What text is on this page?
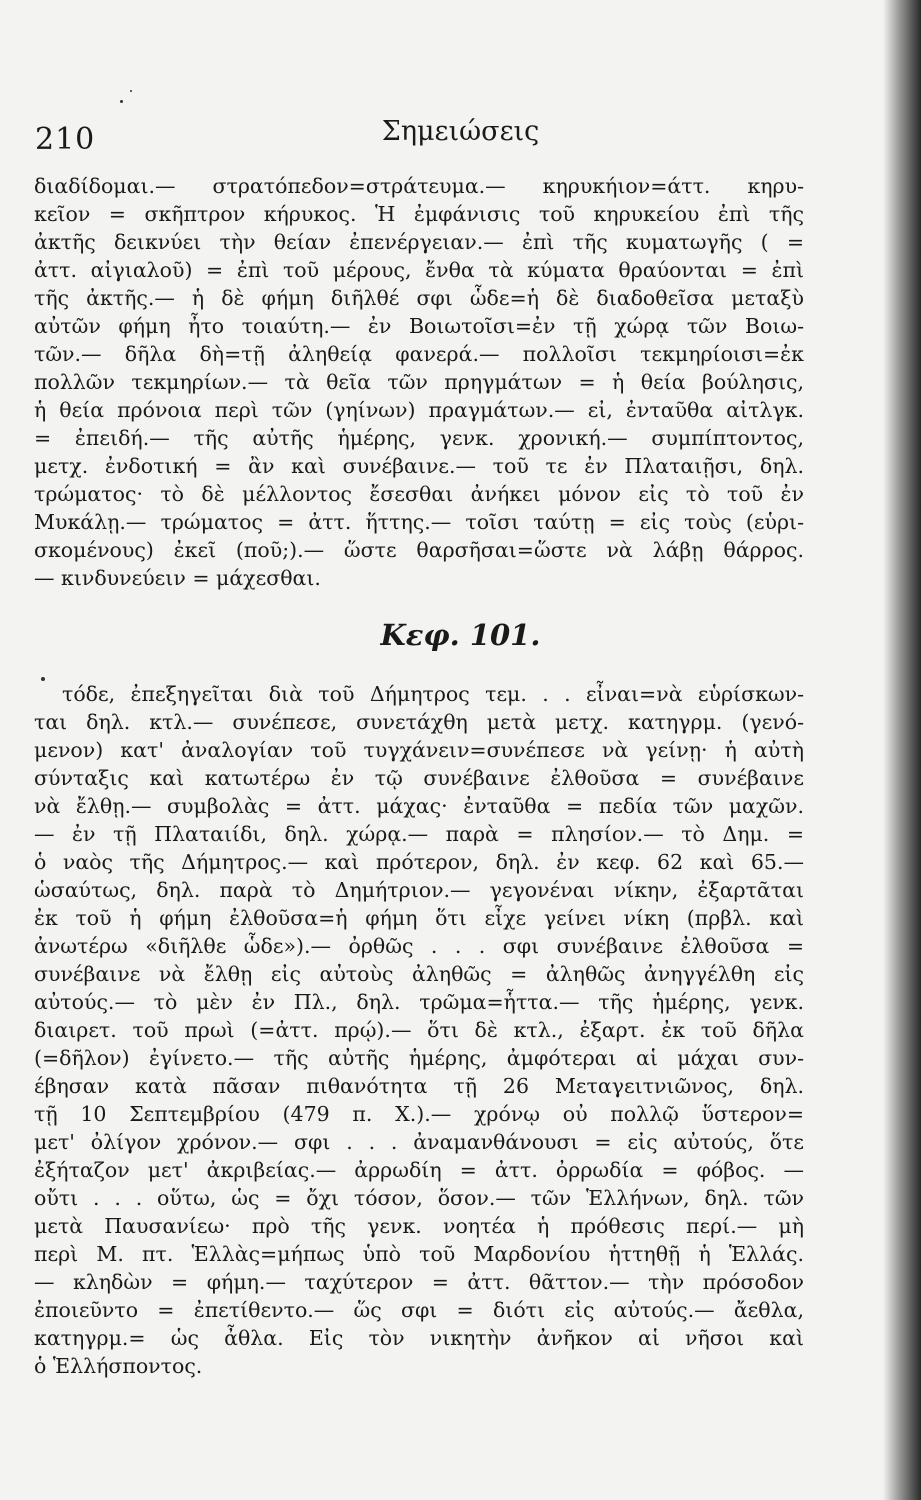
210	Σημειώσεις
διαδίδομαι.— στρατόπεδον=στράτευμα.— κηρυκήιον=άττ. κηρυ-
κεῖον = σκῆπτρον κήρυκος. Ἡ ἐμφάνισις τοῦ κηρυκείου ἐπὶ τῆς
ἀκτῆς δεικνύει τὴν θείαν ἐπενέργειαν.— ἐπὶ τῆς κυματωγῆς ( =
ἀττ. αἰγιαλοῦ) = ἐπὶ τοῦ μέρους, ἔνθα τὰ κύματα θραύονται = ἐπὶ
τῆς ἀκτῆς.— ἡ δὲ φήμη διῆλθέ σφι ὧδε=ἡ δὲ διαδοθεῖσα μεταξὺ
αὐτῶν φήμη ἦτο τοιαύτη.— ἐν Βοιωτοῖσι=ἐν τῇ χώρᾳ τῶν Βοιω-
τῶν.— δῆλα δὴ=τῇ ἀληθείᾳ φανερά.— πολλοῖσι τεκμηρίοισι=ἐκ
πολλῶν τεκμηρίων.— τὰ θεῖα τῶν πρηγμάτων = ἡ θεία βούλησις,
ἡ θεία πρόνοια περὶ τῶν (γηίνων) πραγμάτων.— εἰ, ἐνταῦθα αἰτλγκ.
= ἐπειδή.— τῆς αὐτῆς ἡμέρης, γενκ. χρονική.— συμπίπτοντος,
μετχ. ἐνδοτική = ἂν καὶ συνέβαινε.— τοῦ τε ἐν Πλαταιῇσι, δηλ.
τρώματος· τὸ δὲ μέλλοντος ἔσεσθαι ἀνήκει μόνον εἰς τὸ τοῦ ἐν
Μυκάλῃ.— τρώματος = ἀττ. ἥττης.— τοῖσι ταύτῃ = εἰς τοὺς (εὑρι-
σκομένους) ἐκεῖ (ποῦ;).— ὥστε θαρσῆσαι=ὥστε νὰ λάβῃ θάρρος.
— κινδυνεύειν = μάχεσθαι.
Κεφ. 101.
τόδε, ἐπεξηγεῖται διὰ τοῦ Δήμητρος τεμ. . . εἶναι=νὰ εὑρίσκων-
ται δηλ. κτλ.— συνέπεσε, συνετάχθη μετὰ μετχ. κατηγρμ. (γενό-
μενον) κατ' ἀναλογίαν τοῦ τυγχάνειν=συνέπεσε νὰ γείνῃ· ἡ αὐτὴ
σύνταξις καὶ κατωτέρω ἐν τῷ συνέβαινε ἐλθοῦσα = συνέβαινε
νὰ ἔλθῃ.— συμβολὰς = ἀττ. μάχας· ἐνταῦθα = πεδία τῶν μαχῶν.
— ἐν τῇ Πλαταιίδι, δηλ. χώρᾳ.— παρὰ = πλησίον.— τὸ Δημ. =
ὁ ναὸς τῆς Δήμητρος.— καὶ πρότερον, δηλ. ἐν κεφ. 62 καὶ 65.—
ὡσαύτως, δηλ. παρὰ τὸ Δημήτριον.— γεγονέναι νίκην, ἐξαρτᾶται
ἐκ τοῦ ἡ φήμη ἐλθοῦσα=ἡ φήμη ὅτι εἶχε γείνει νίκη (πρβλ. καὶ
ἀνωτέρω «διῆλθε ὧδε»).— ὀρθῶς . . . σφι συνέβαινε ἐλθοῦσα =
συνέβαινε νὰ ἔλθῃ εἰς αὐτοὺς ἀληθῶς = ἀληθῶς ἀνηγγέλθη εἰς
αὐτούς.— τὸ μὲν ἐν Πλ., δηλ. τρῶμα=ἧττα.— τῆς ἡμέρης, γενκ.
διαιρετ. τοῦ πρωὶ (=ἀττ. πρῴ).— ὅτι δὲ κτλ., ἐξαρτ. ἐκ τοῦ δῆλα
(=δῆλον) ἐγίνετο.— τῆς αὐτῆς ἡμέρης, ἀμφότεραι αἱ μάχαι συν-
έβησαν κατὰ πᾶσαν πιθανότητα τῇ 26 Μεταγειτνιῶνος, δηλ.
τῇ 10 Σεπτεμβρίου (479 π. Χ.).— χρόνῳ οὐ πολλῷ ὕστερον=
μετ' ὀλίγον χρόνον.— σφι . . . ἀναμανθάνουσι = εἰς αὐτούς, ὅτε
ἐξήταζον μετ' ἀκριβείας.— ἀρρωδίη = ἀττ. ὀρρωδία = φόβος. —
οὔτι . . . οὕτω, ὡς = ὄχι τόσον, ὅσον.— τῶν Ἑλλήνων, δηλ. τῶν
μετὰ Παυσανίεω· πρὸ τῆς γενκ. νοητέα ἡ πρόθεσις περί.— μὴ
περὶ Μ. πτ. Ἑλλὰς=μήπως ὑπὸ τοῦ Μαρδονίου ἡττηθῇ ἡ Ἑλλάς.
— κληδὼν = φήμη.— ταχύτερον = ἀττ. θᾶττον.— τὴν πρόσοδον
ἐποιεῦντο = ἐπετίθεντο.— ὥς σφι = διότι εἰς αὐτούς.— ἄεθλα,
κατηγρμ.= ὡς ἆθλα. Εἰς τὸν νικητὴν ἀνῆκον αἱ νῆσοι καὶ
ὁ Ἑλλήσποντος.
